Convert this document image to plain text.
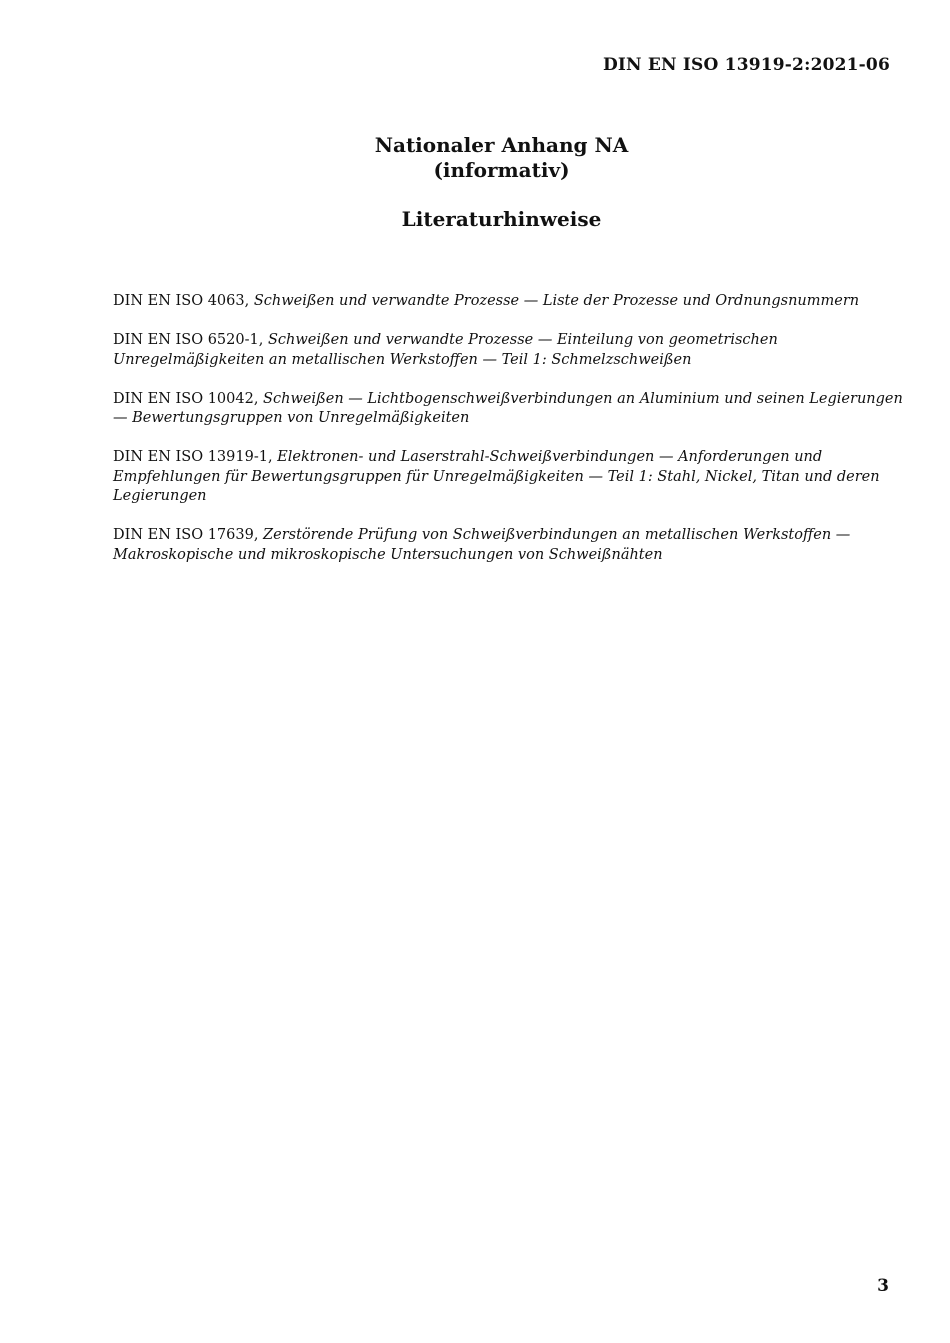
DIN EN ISO 13919-2:2021-06
Nationaler Anhang NA
(informativ)
Literaturhinweise

DIN EN ISO 4063, Schweißen und verwandte Prozesse — Liste der Prozesse und Ordnungsnummern

DIN EN ISO 6520-1, Schweißen und verwandte Prozesse — Einteilung von geometrischen Unregelmäßigkeiten an metallischen Werkstoffen — Teil 1: Schmelzschweißen

DIN EN ISO 10042, Schweißen — Lichtbogenschweißverbindungen an Aluminium und seinen Legierungen — Bewertungsgruppen von Unregelmäßigkeiten

DIN EN ISO 13919-1, Elektronen- und Laserstrahl-Schweißverbindungen — Anforderungen und Empfehlungen für Bewertungsgruppen für Unregelmäßigkeiten — Teil 1: Stahl, Nickel, Titan und deren Legierungen

DIN EN ISO 17639, Zerstörende Prüfung von Schweißverbindungen an metallischen Werkstoffen — Makroskopische und mikroskopische Untersuchungen von Schweißnähten

3
